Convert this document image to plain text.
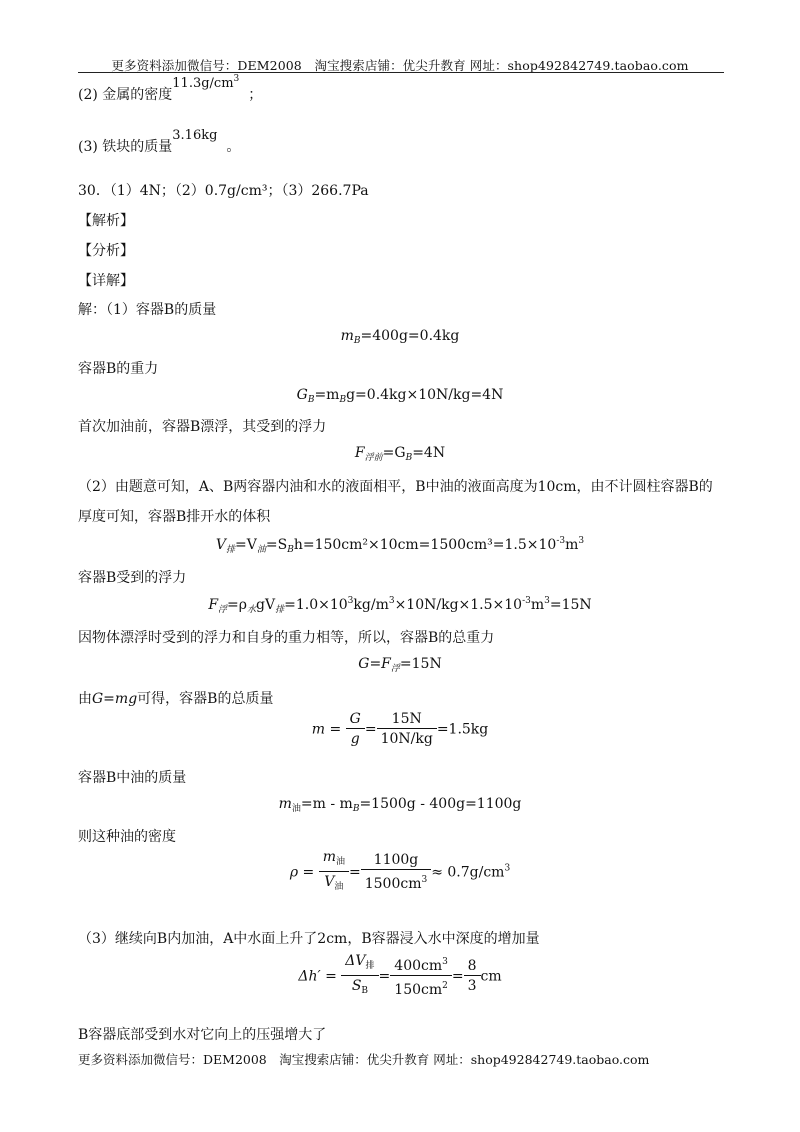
更多资料添加微信号：DEM2008　淘宝搜索店铺：优尖升教育 网址：shop492842749.taobao.com
(2) 金属的密度$11.3g/cm^3$  ；
(3) 铁块的质量3.16kg  。
30．（1）4N；（2）0.7g/cm³；（3）266.7Pa
【解析】
【分析】
【详解】
解：（1）容器B的质量
$m_B=400g=0.4kg$
容器B的重力
$G_B=m_Bg=0.4kg\times 10N/kg=4N$
首次加油前，容器B漂浮，其受到的浮力
$F_{浮前}=G_B=4N$
（2）由题意可知，A、B两容器内油和水的液面相平，B中油的液面高度为10cm，由不计圆柱容器B的
厚度可知，容器B排开水的体积
$V_排=V_油=S_Bh=150cm^2\times 10cm=1500cm^3=1.5\times 10^{-3}m^3$
容器B受到的浮力
$F_浮=\rho_水gV_排=1.0\times 10^3kg/m^3\times 10N/kg\times 1.5\times 10^{-3}m^3=15N$
因物体漂浮时受到的浮力和自身的重力相等，所以，容器B的总重力
$G=F_浮=15N$
由G=mg可得，容器B的总质量
$m = \frac{G}{g} = \frac{15N}{10N/kg} =1.5kg$
容器B中油的质量
$m_油=m - m_B=1500g - 400g=1100g$
则这种油的密度
$\rho = \frac{m_油}{V_油} = \frac{1100g}{1500cm^3} \approx 0.7g/cm^3$
（3）继续向B内加油，A中水面上升了2cm，B容器浸入水中深度的增加量
$\Delta h' = \frac{\Delta V_排}{S_B} = \frac{400cm^3}{150cm^2} = \frac{8}{3}$ cm
B容器底部受到水对它向上的压强增大了
更多资料添加微信号：DEM2008　淘宝搜索店铺：优尖升教育 网址：shop492842749.taobao.com
